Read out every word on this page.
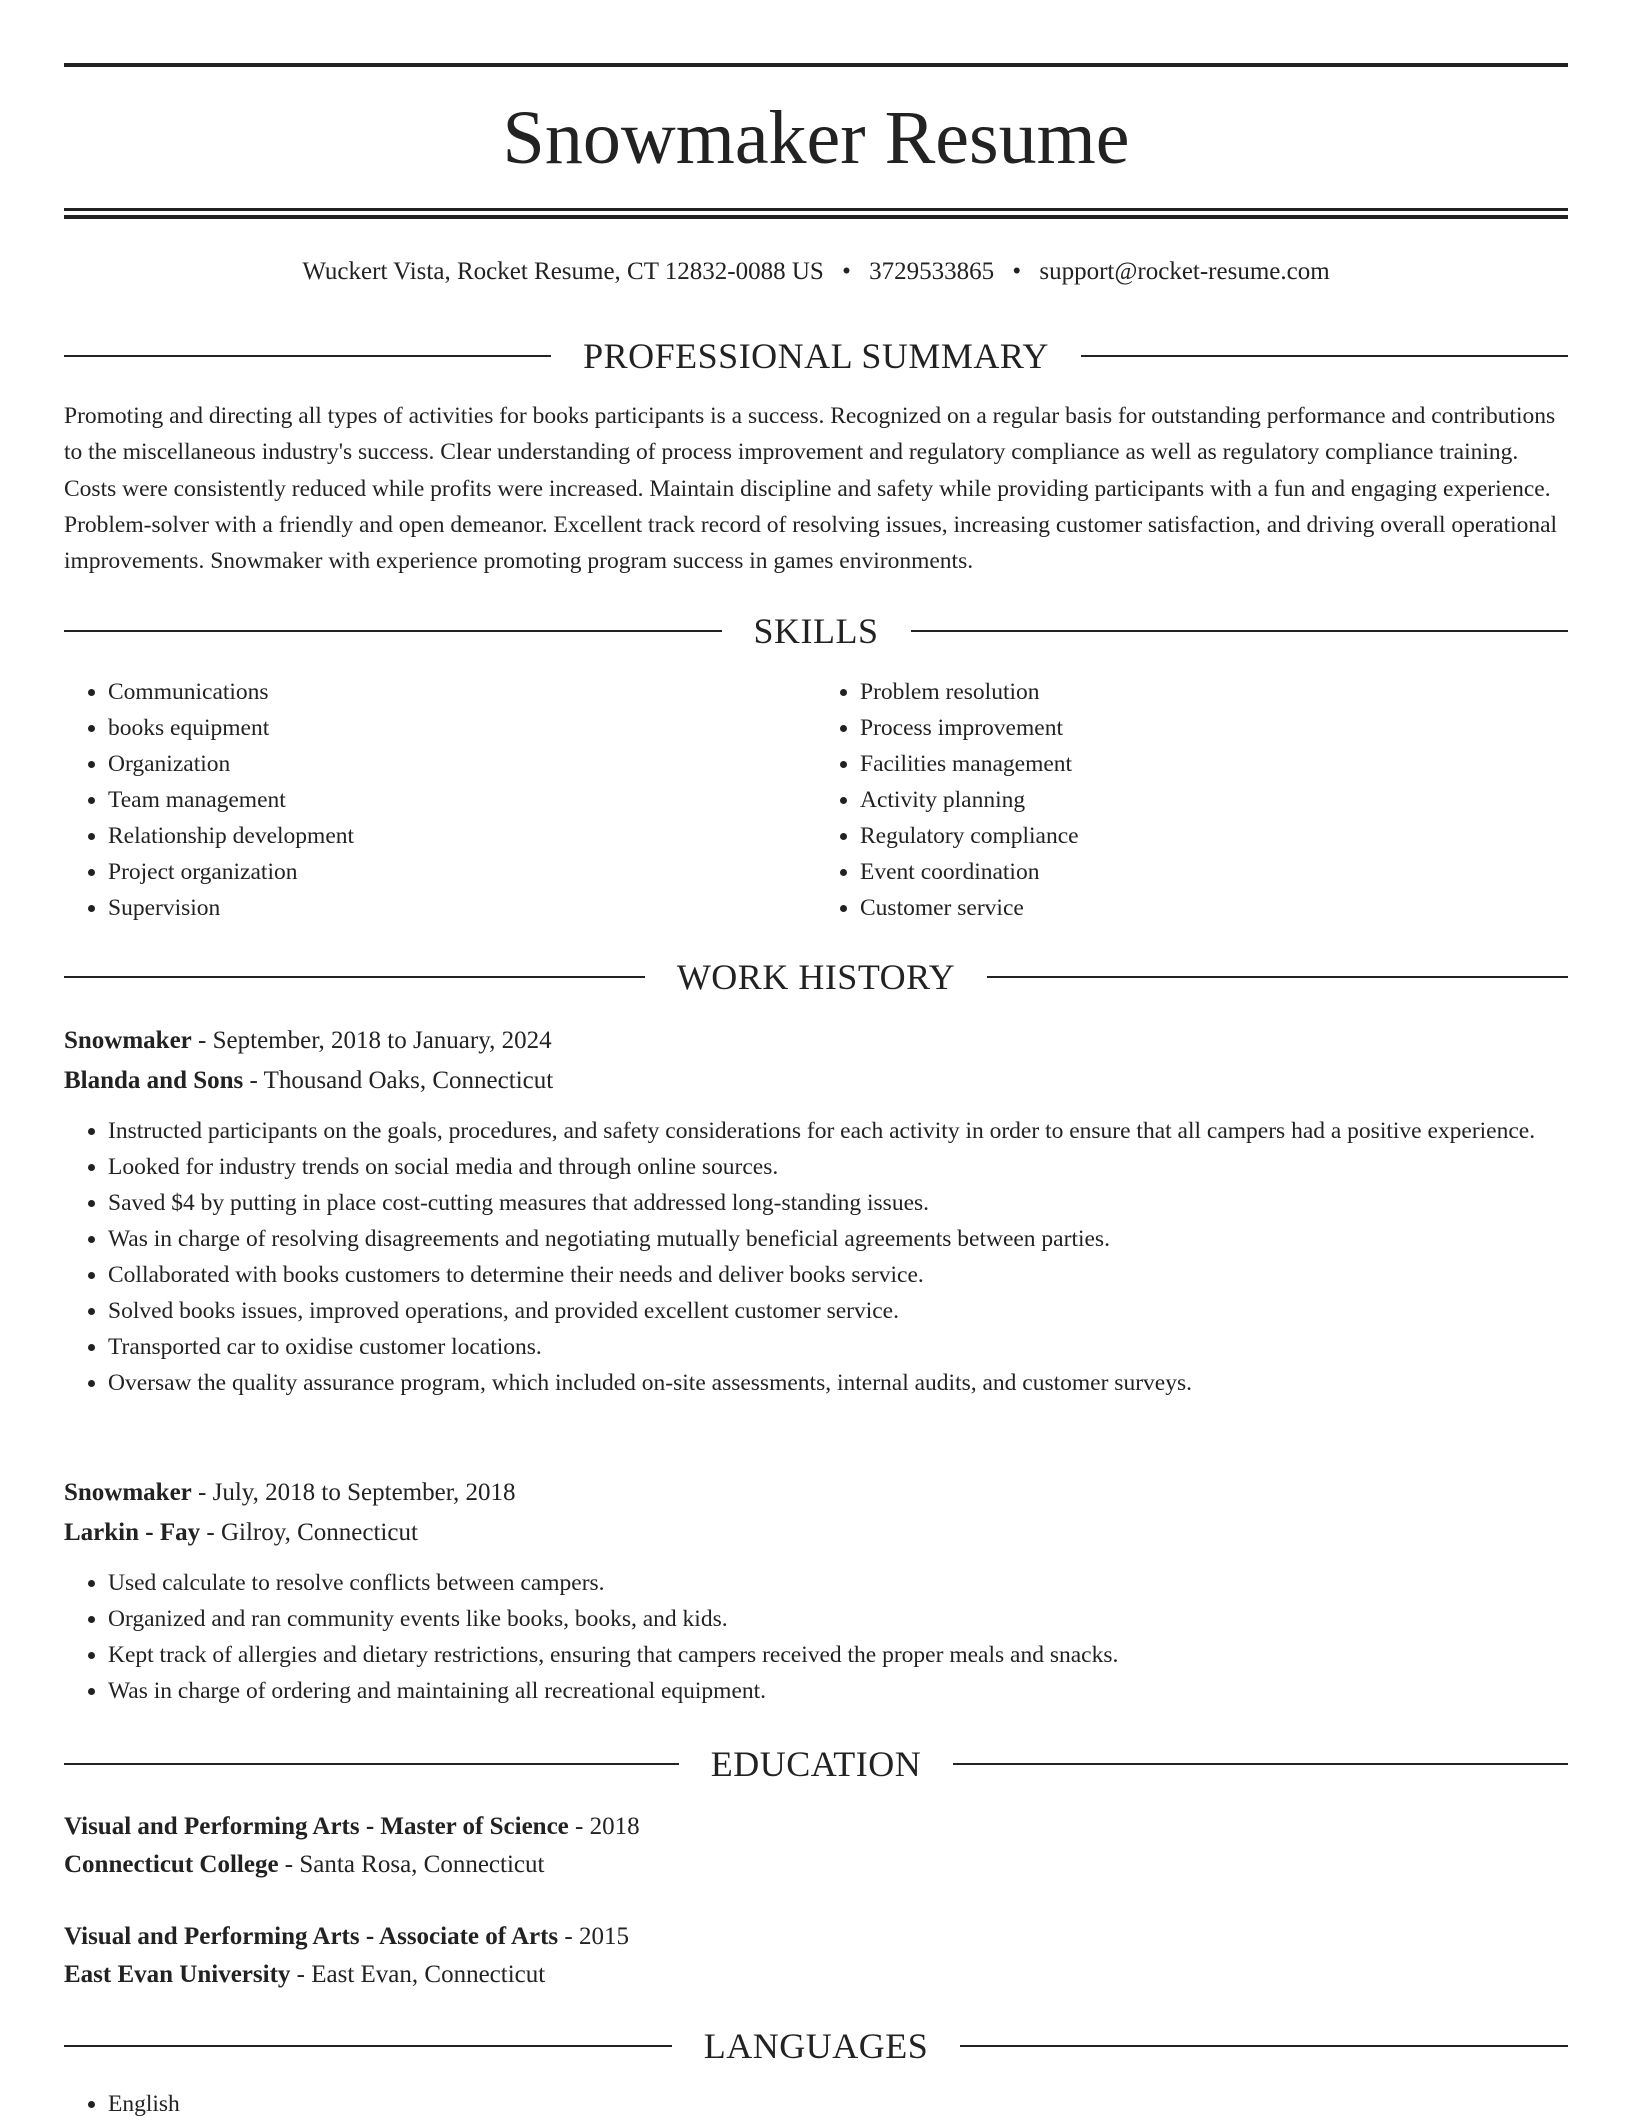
Snowmaker Resume
Wuckert Vista, Rocket Resume, CT 12832-0088 US • 3729533865 • support@rocket-resume.com
PROFESSIONAL SUMMARY
Promoting and directing all types of activities for books participants is a success. Recognized on a regular basis for outstanding performance and contributions to the miscellaneous industry's success. Clear understanding of process improvement and regulatory compliance as well as regulatory compliance training. Costs were consistently reduced while profits were increased. Maintain discipline and safety while providing participants with a fun and engaging experience. Problem-solver with a friendly and open demeanor. Excellent track record of resolving issues, increasing customer satisfaction, and driving overall operational improvements. Snowmaker with experience promoting program success in games environments.
SKILLS
• Communications
• books equipment
• Organization
• Team management
• Relationship development
• Project organization
• Supervision
• Problem resolution
• Process improvement
• Facilities management
• Activity planning
• Regulatory compliance
• Event coordination
• Customer service
WORK HISTORY
Snowmaker - September, 2018 to January, 2024
Blanda and Sons - Thousand Oaks, Connecticut
• Instructed participants on the goals, procedures, and safety considerations for each activity in order to ensure that all campers had a positive experience.
• Looked for industry trends on social media and through online sources.
• Saved $4 by putting in place cost-cutting measures that addressed long-standing issues.
• Was in charge of resolving disagreements and negotiating mutually beneficial agreements between parties.
• Collaborated with books customers to determine their needs and deliver books service.
• Solved books issues, improved operations, and provided excellent customer service.
• Transported car to oxidise customer locations.
• Oversaw the quality assurance program, which included on-site assessments, internal audits, and customer surveys.
Snowmaker - July, 2018 to September, 2018
Larkin - Fay - Gilroy, Connecticut
• Used calculate to resolve conflicts between campers.
• Organized and ran community events like books, books, and kids.
• Kept track of allergies and dietary restrictions, ensuring that campers received the proper meals and snacks.
• Was in charge of ordering and maintaining all recreational equipment.
EDUCATION
Visual and Performing Arts - Master of Science - 2018
Connecticut College - Santa Rosa, Connecticut
Visual and Performing Arts - Associate of Arts - 2015
East Evan University - East Evan, Connecticut
LANGUAGES
• English
